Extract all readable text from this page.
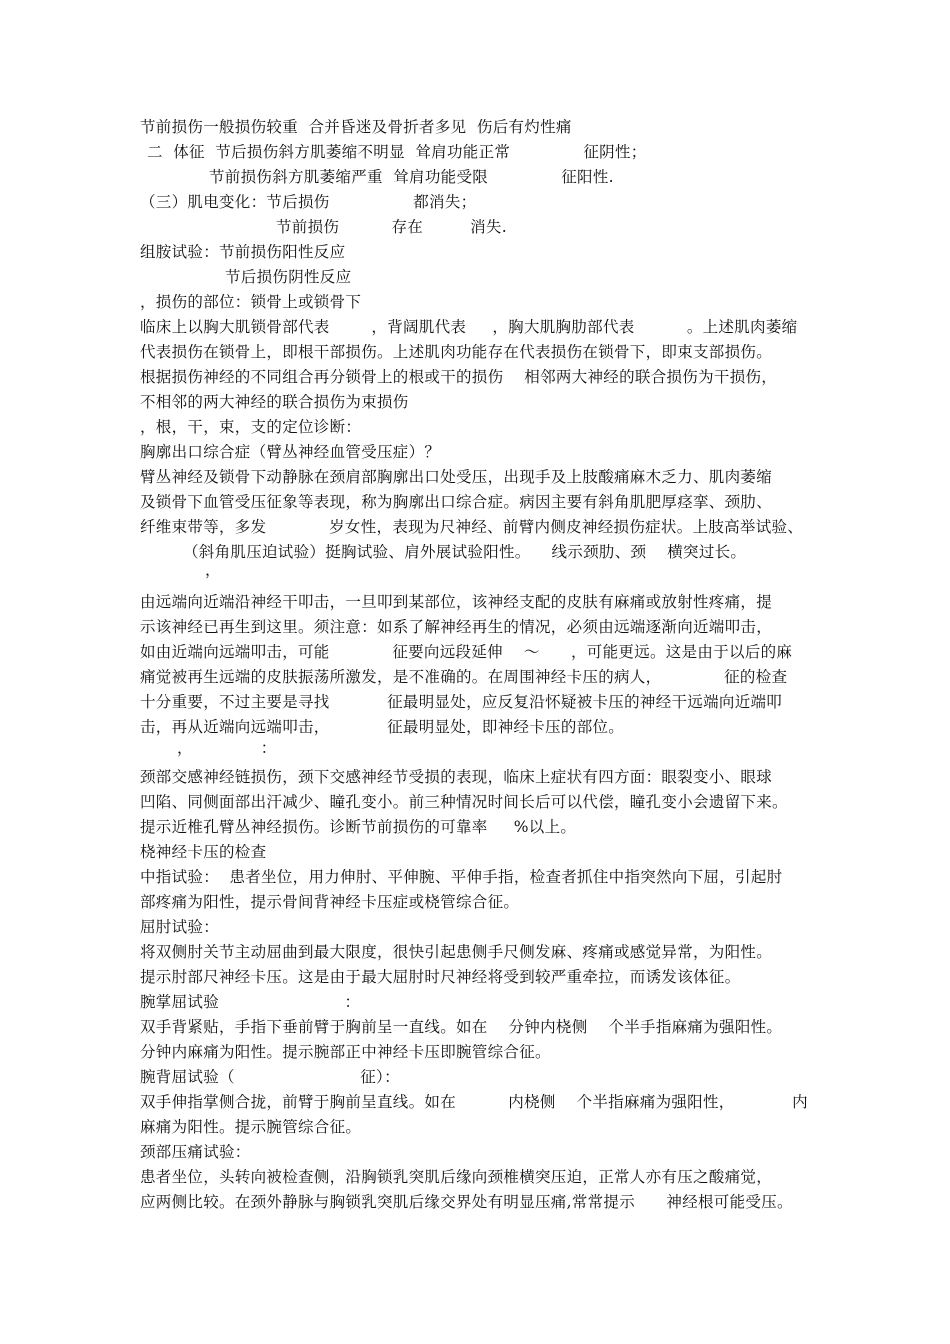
节前损伤一般损伤较重  合并昏迷及骨折者多见  伤后有灼性痛
二  体征  节后损伤斜方肌萎缩不明显  耸肩功能正常              征阴性；
节前损伤斜方肌萎缩严重  耸肩功能受限              征阳性.
（三）肌电变化：节后损伤                都消失；
节前损伤          存在         消失.
组胺试验：节前损伤阳性反应
节后损伤阴性反应
，损伤的部位：锁骨上或锁骨下
临床上以胸大肌锁骨部代表        ，背阔肌代表     ，胸大肌胸肋部代表          。上述肌肉萎缩
代表损伤在锁骨上，即根干部损伤。上述肌肉功能存在代表损伤在锁骨下，即束支部损伤。
根据损伤神经的不同组合再分锁骨上的根或干的损伤    相邻两大神经的联合损伤为干损伤，
不相邻的两大神经的联合损伤为束损伤
，根，干，束，支的定位诊断：
胸廓出口综合症（臂丛神经血管受压症）？
臂丛神经及锁骨下动静脉在颈肩部胸廓出口处受压，出现手及上肢酸痛麻木乏力、肌肉萎缩
及锁骨下血管受压征象等表现，称为胸廓出口综合症。病因主要有斜角肌肥厚痉挛、颈肋、
纤维束带等，多发            岁女性，表现为尺神经、前臂内侧皮神经损伤症状。上肢高举试验、
（斜角肌压迫试验）挺胸试验、肩外展试验阳性。    线示颈肋、颈    横突过长。
，
由远端向近端沿神经干叩击，一旦叩到某部位，该神经支配的皮肤有麻痛或放射性疼痛，提
示该神经已再生到这里。须注意：如系了解神经再生的情况，必须由远端逐渐向近端叩击，
如由近端向远端叩击，可能            征要向远段延伸    ～      ，可能更远。这是由于以后的麻
痛觉被再生远端的皮肤振荡所激发，是不准确的。在周围神经卡压的病人，            征的检查
十分重要，不过主要是寻找           征最明显处，应反复沿怀疑被卡压的神经干远端向近端叩
击，再从近端向远端叩击，           征最明显处，即神经卡压的部位。
，             ：
颈部交感神经链损伤，颈下交感神经节受损的表现，临床上症状有四方面：眼裂变小、眼球
凹陷、同侧面部出汗减少、瞳孔变小。前三种情况时间长后可以代偿，瞳孔变小会遗留下来。
提示近椎孔臂丛神经损伤。诊断节前损伤的可靠率     %以上。
桡神经卡压的检查
中指试验：  患者坐位，用力伸肘、平伸腕、平伸手指，检查者抓住中指突然向下屈，引起肘
部疼痛为阳性，提示骨间背神经卡压症或桡管综合征。
屈肘试验：
将双侧肘关节主动屈曲到最大限度，很快引起患侧手尺侧发麻、疼痛或感觉异常，为阳性。
提示肘部尺神经卡压。这是由于最大屈肘时尺神经将受到较严重牵拉，而诱发该体征。
腕掌屈试验                        ：
双手背紧贴，手指下垂前臂于胸前呈一直线。如在    分钟内桡侧    个半手指麻痛为强阳性。
分钟内麻痛为阳性。提示腕部正中神经卡压即腕管综合征。
腕背屈试验（                        征）：
双手伸指掌侧合拢，前臂于胸前呈直线。如在          内桡侧    个半指麻痛为强阳性，           内
麻痛为阳性。提示腕管综合征。
颈部压痛试验：
患者坐位，头转向被检查侧，沿胸锁乳突肌后缘向颈椎横突压迫，正常人亦有压之酸痛觉，
应两侧比较。在颈外静脉与胸锁乳突肌后缘交界处有明显压痛,常常提示      神经根可能受压。
